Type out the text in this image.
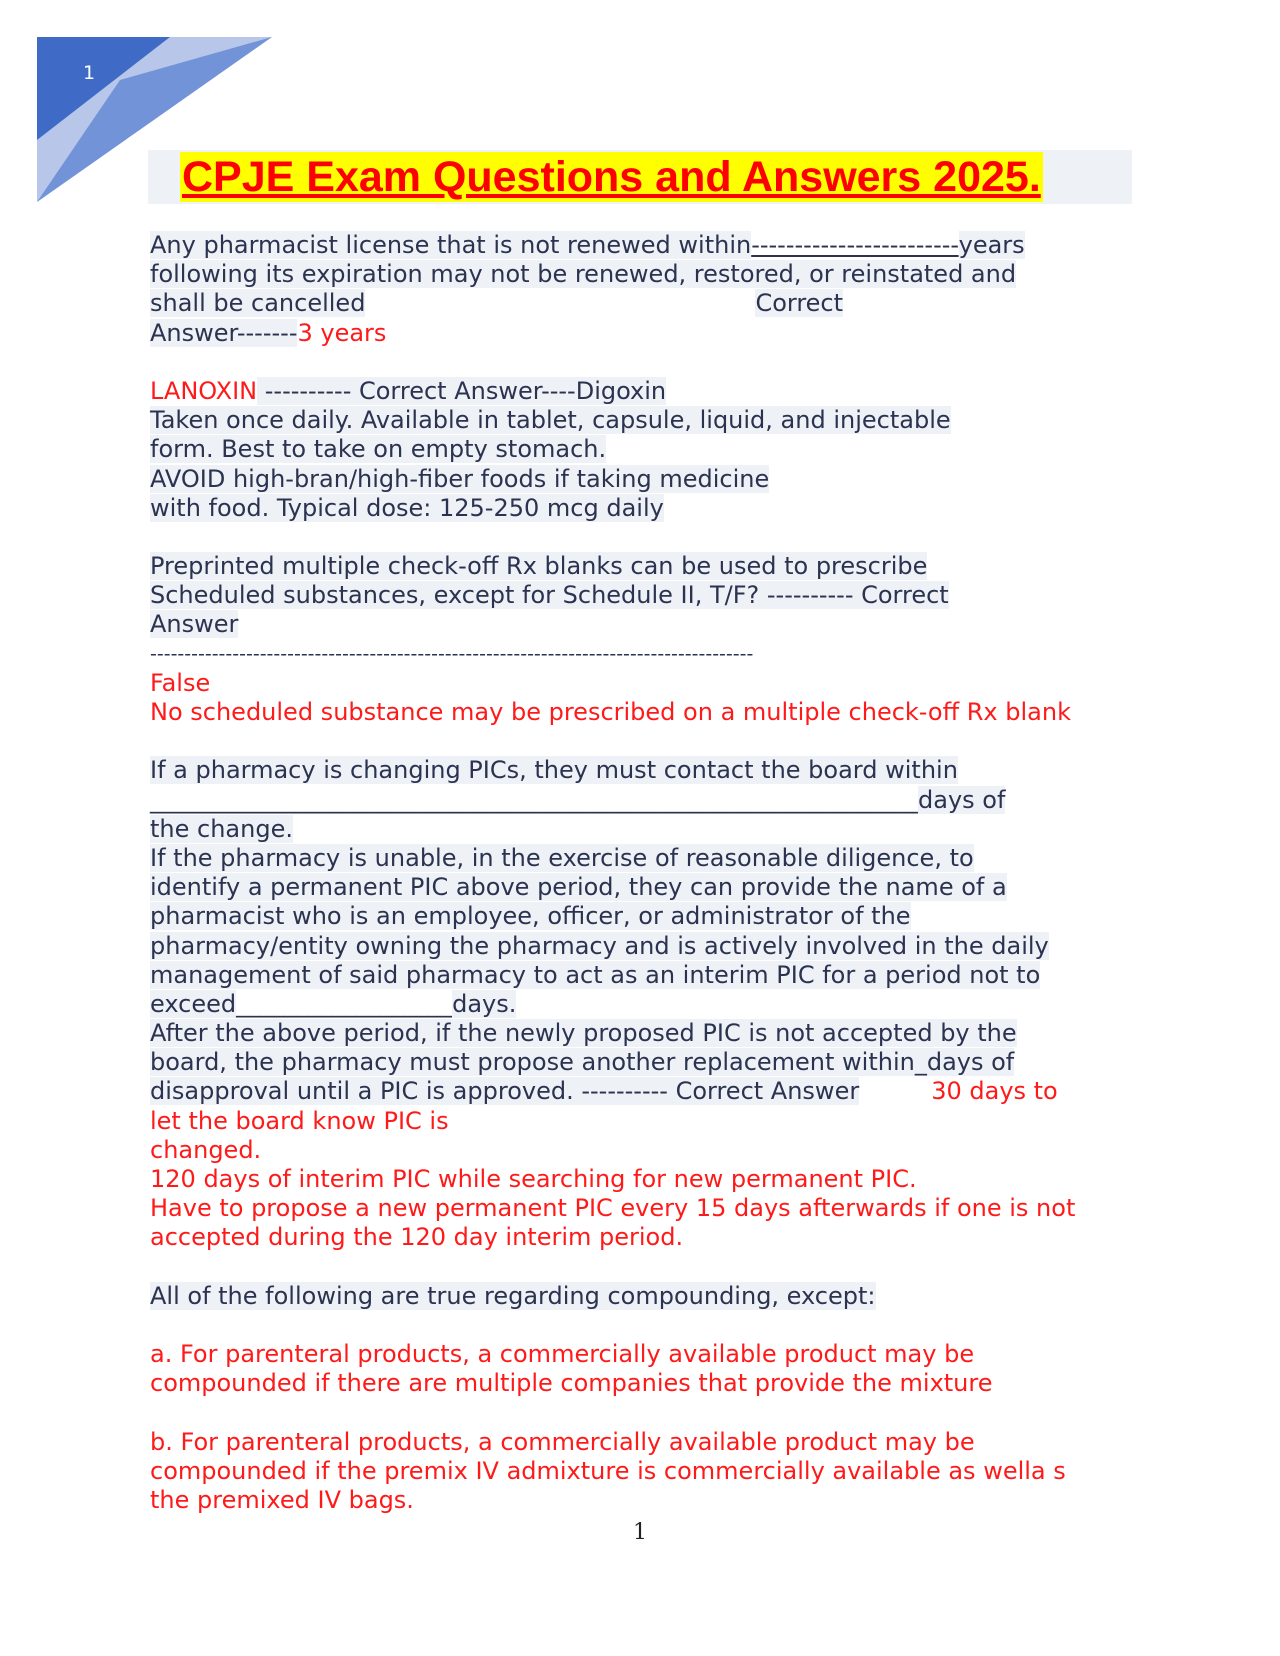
1
CPJE Exam Questions and Answers 2025.
Any pharmacist license that is not renewed within------------------------years
following its expiration may not be renewed, restored, or reinstated and
shall be cancelled	Correct
Answer-------3 years
LANOXIN ---------- Correct Answer----Digoxin
Taken once daily. Available in tablet, capsule, liquid, and injectable
form. Best to take on empty stomach.
AVOID high-bran/high-fiber foods if taking medicine
with food. Typical dose: 125-250 mcg daily
Preprinted multiple check-off Rx blanks can be used to prescribe
Scheduled substances, except for Schedule II, T/F? ---------- Correct
Answer
----------------------------------------------------------------------------------------
False
No scheduled substance may be prescribed on a multiple check-off Rx blank
If a pharmacy is changing PICs, they must contact the board within
________________________________________________________________days of
the change.
If the pharmacy is unable, in the exercise of reasonable diligence, to
identify a permanent PIC above period, they can provide the name of a
pharmacist who is an employee, officer, or administrator of the
pharmacy/entity owning the pharmacy and is actively involved in the daily
management of said pharmacy to act as an interim PIC for a period not to
exceed__________________days.
After the above period, if the newly proposed PIC is not accepted by the
board, the pharmacy must propose another replacement within_days of
disapproval until a PIC is approved. ---------- Correct Answer	30 days to
let the board know PIC is
changed.
120 days of interim PIC while searching for new permanent PIC.
Have to propose a new permanent PIC every 15 days afterwards if one is not
accepted during the 120 day interim period.
All of the following are true regarding compounding, except:
a. For parenteral products, a commercially available product may be
compounded if there are multiple companies that provide the mixture
b. For parenteral products, a commercially available product may be
compounded if the premix IV admixture is commercially available as wella s
the premixed IV bags.
1
